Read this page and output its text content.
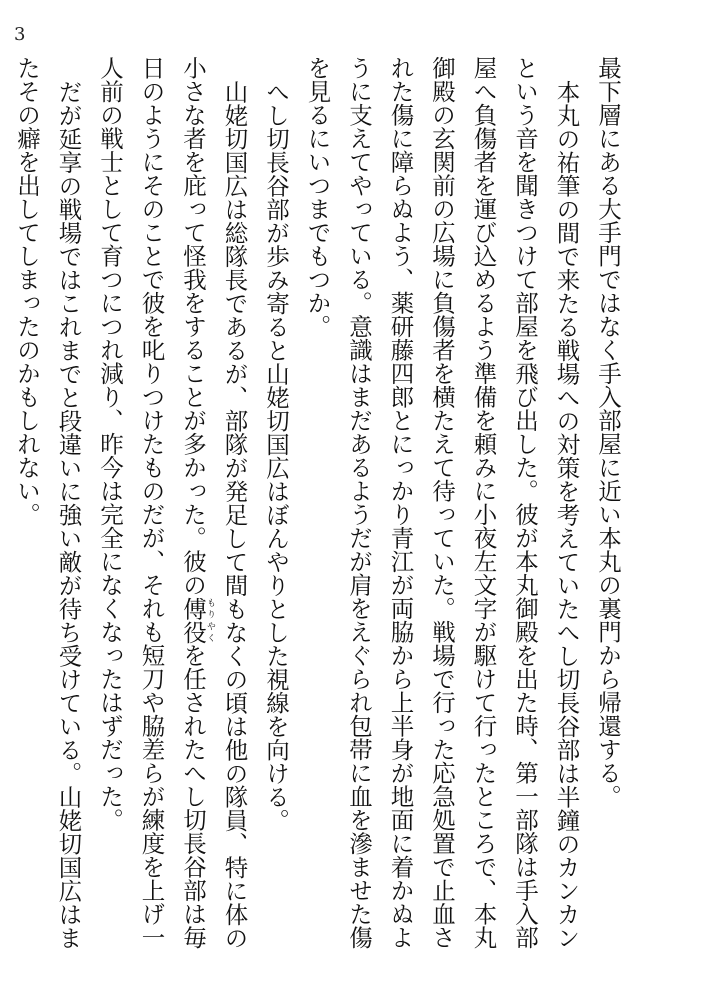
3

最下層にある大手門ではなく手入部屋に近い本丸の裏門から帰還する。

本丸の祐筆の間で来たる戦場への対策を考えていたへし切長谷部は半鐘のカンカンという音を聞きつけて部屋を飛び出した。彼が本丸御殿を出た時、第一部隊は手入部屋へ負傷者を運び込めるよう準備を頼みに小夜左文字が駆けて行ったところで、本丸御殿の玄関前の広場に負傷者を横たえて待っていた。戦場で行った応急処置で止血された傷に障らぬよう、薬研藤四郎とにっかり青江が両脇から上半身が地面に着かぬように支えてやっている。意識はまだあるようだが肩をえぐられ包帯に血を滲ませた傷を見るにいつまでもつか。

へし切長谷部が歩み寄ると山姥切国広はぼんやりとした視線を向ける。

山姥切国広は総隊長であるが、部隊が発足して間もなくの頃は他の隊員、特に体の小さな者を庇って怪我をすることが多かった。彼の傅役もりやくを任されたへし切長谷部は毎日のようにそのことで彼を叱りつけたものだが、それも短刀や脇差らが練度を上げ一人前の戦士として育つにつれ減り、昨今は完全になくなったはずだった。

だが延享の戦場ではこれまでと段違いに強い敵が待ち受けている。山姥切国広はまたその癖を出してしまったのかもしれない。
